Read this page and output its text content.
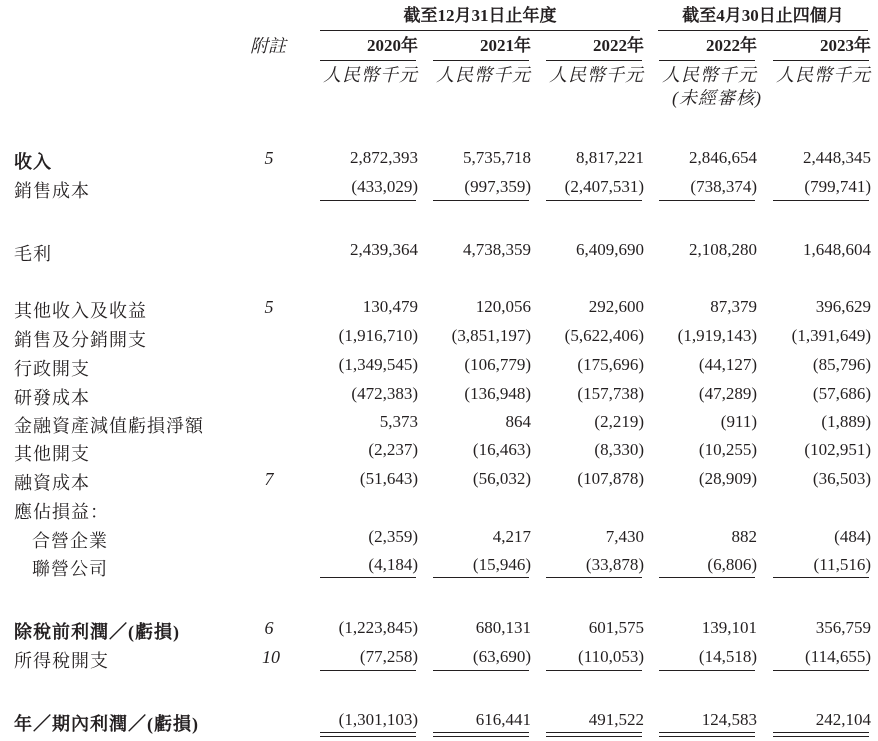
截至12月31日止年度	截至4月30日止四個月
附註	2020年	2021年	2022年	2022年	2023年
人民幣千元 人民幣千元 人民幣千元 人民幣千元 人民幣千元
(未經審核)
收入	5	2,872,393	5,735,718	8,817,221	2,846,654	2,448,345
銷售成本	(433,029)	(997,359) (2,407,531)	(738,374)	(799,741)
毛利	2,439,364	4,738,359	6,409,690	2,108,280	1,648,604
其他收入及收益	5	130,479	120,056	292,600	87,379	396,629
銷售及分銷開支	(1,916,710) (3,851,197) (5,622,406) (1,919,143) (1,391,649)
行政開支	(1,349,545)	(106,779)	(175,696)	(44,127)	(85,796)
研發成本	(472,383)	(136,948)	(157,738)	(47,289)	(57,686)
金融資產減值虧損淨額	5,373	864	(2,219)	(911)	(1,889)
其他開支	(2,237)	(16,463)	(8,330)	(10,255)	(102,951)
融資成本	7	(51,643)	(56,032)	(107,878)	(28,909)	(36,503)
應佔損益：
合營企業	(2,359)	4,217	7,430	882	(484)
聯營公司	(4,184)	(15,946)	(33,878)	(6,806)	(11,516)
除稅前利潤／(虧損)	6	(1,223,845)	680,131	601,575	139,101	356,759
所得稅開支	10	(77,258)	(63,690)	(110,053)	(14,518)	(114,655)
年／期內利潤／(虧損)	(1,301,103)	616,441	491,522	124,583	242,104
